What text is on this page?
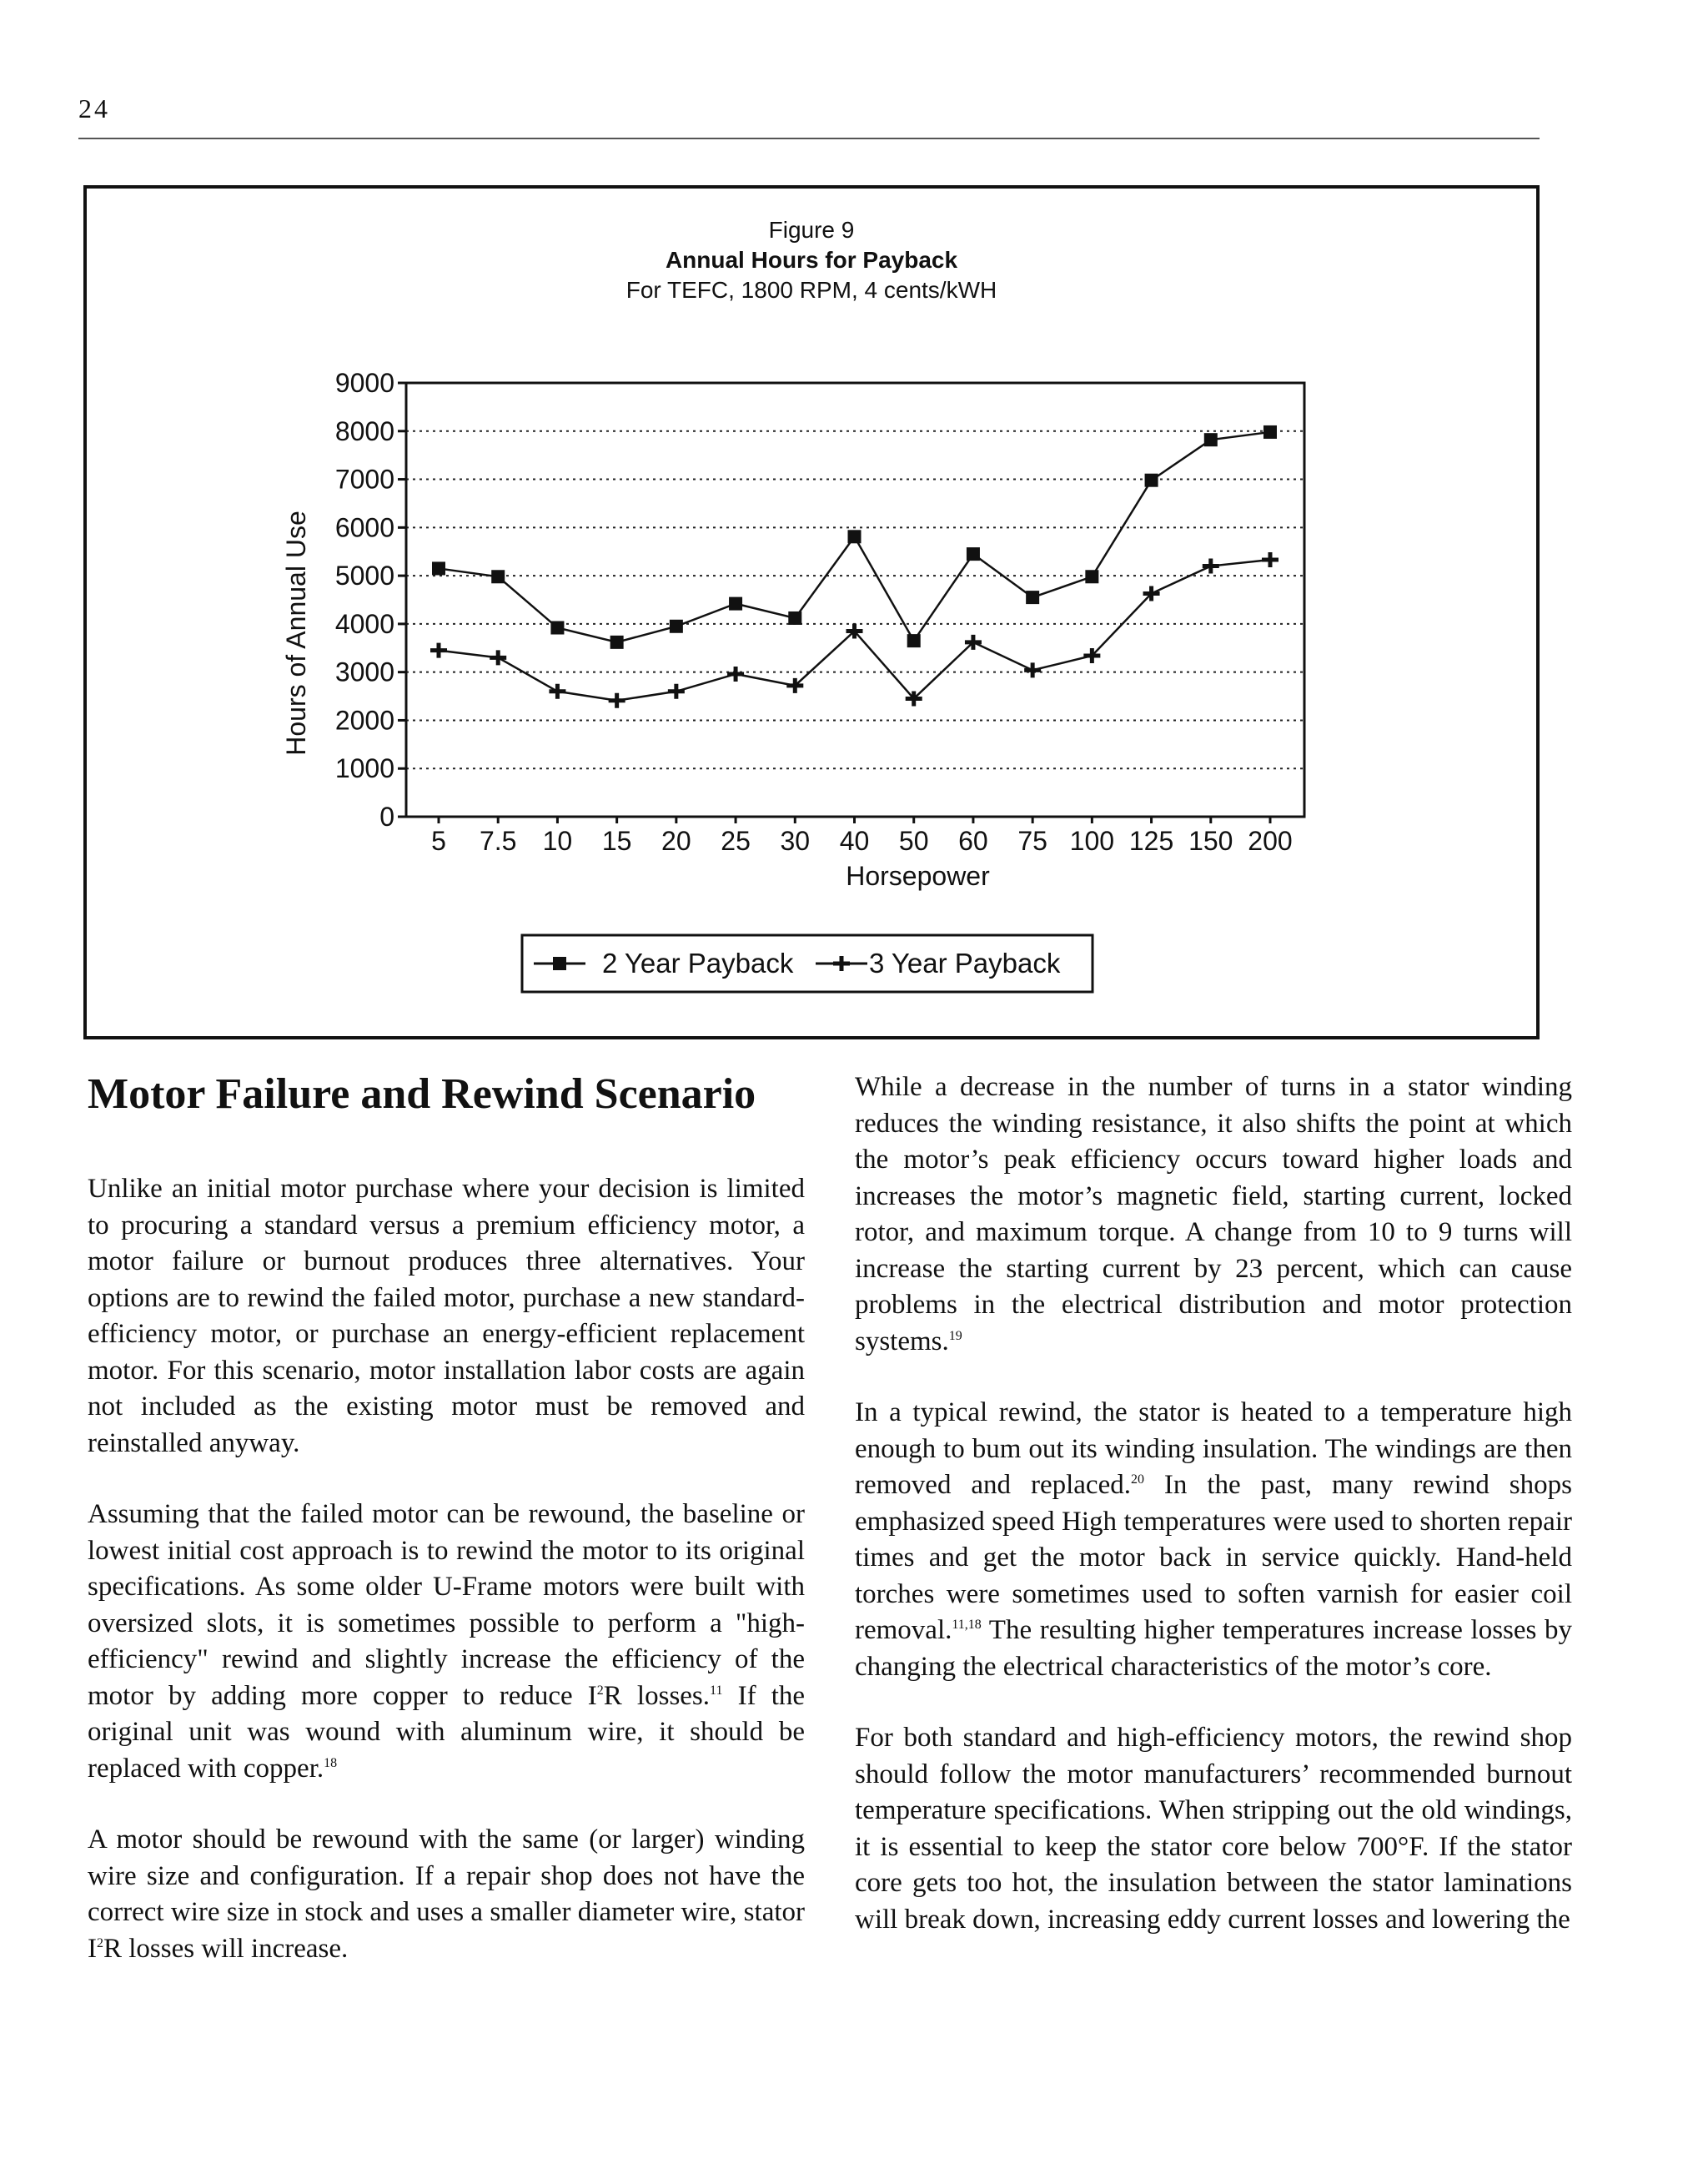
24
Figure 9
Annual Hours for Payback
For TEFC, 1800 RPM, 4 cents/kWH
0
1000
2000
3000
4000
5000
6000
7000
8000
9000
5 7.5 10 15 20 25 30 40 50 60 75 100 125 150 200
Horsepower
Hours of Annual Use
2 Year Payback	3 Year Payback
Motor Failure and Rewind Scenario

Unlike an initial motor purchase where your decision is limited to procuring a standard versus a premium efficiency motor, a motor failure or burnout produces three alternatives. Your options are to rewind the failed motor, purchase a new standard-efficiency motor, or purchase an energy-efficient replacement motor. For this scenario, motor installation labor costs are again not included as the existing motor must be removed and reinstalled anyway.

Assuming that the failed motor can be rewound, the baseline or lowest initial cost approach is to rewind the motor to its original specifications. As some older U-Frame motors were built with oversized slots, it is sometimes possible to perform a "high-efficiency" rewind and slightly increase the efficiency of the motor by adding more copper to reduce $I^2R$ losses.$^{11}$ If the original unit was wound with aluminum wire, it should be replaced with copper.$^{18}$

A motor should be rewound with the same (or larger) winding wire size and configuration. If a repair shop does not have the correct wire size in stock and uses a smaller diameter wire, stator $I^2R$ losses will increase.

While a decrease in the number of turns in a stator winding reduces the winding resistance, it also shifts the point at which the motor’s peak efficiency occurs toward higher loads and increases the motor’s magnetic field, starting current, locked rotor, and maximum torque. A change from 10 to 9 turns will increase the starting current by 23 percent, which can cause problems in the electrical distribution and motor protection systems.$^{19}$

In a typical rewind, the stator is heated to a temperature high enough to bum out its winding insulation. The windings are then removed and replaced.$^{20}$ In the past, many rewind shops emphasized speed High temperatures were used to shorten repair times and get the motor back in service quickly. Hand-held torches were sometimes used to soften varnish for easier coil removal.$^{11,18}$ The resulting higher temperatures increase losses by changing the electrical characteristics of the motor’s core.

For both standard and high-efficiency motors, the rewind shop should follow the motor manufacturers’ recommended burnout temperature specifications. When stripping out the old windings, it is essential to keep the stator core below 700°F. If the stator core gets too hot, the insulation between the stator laminations will break down, increasing eddy current losses and lowering the
